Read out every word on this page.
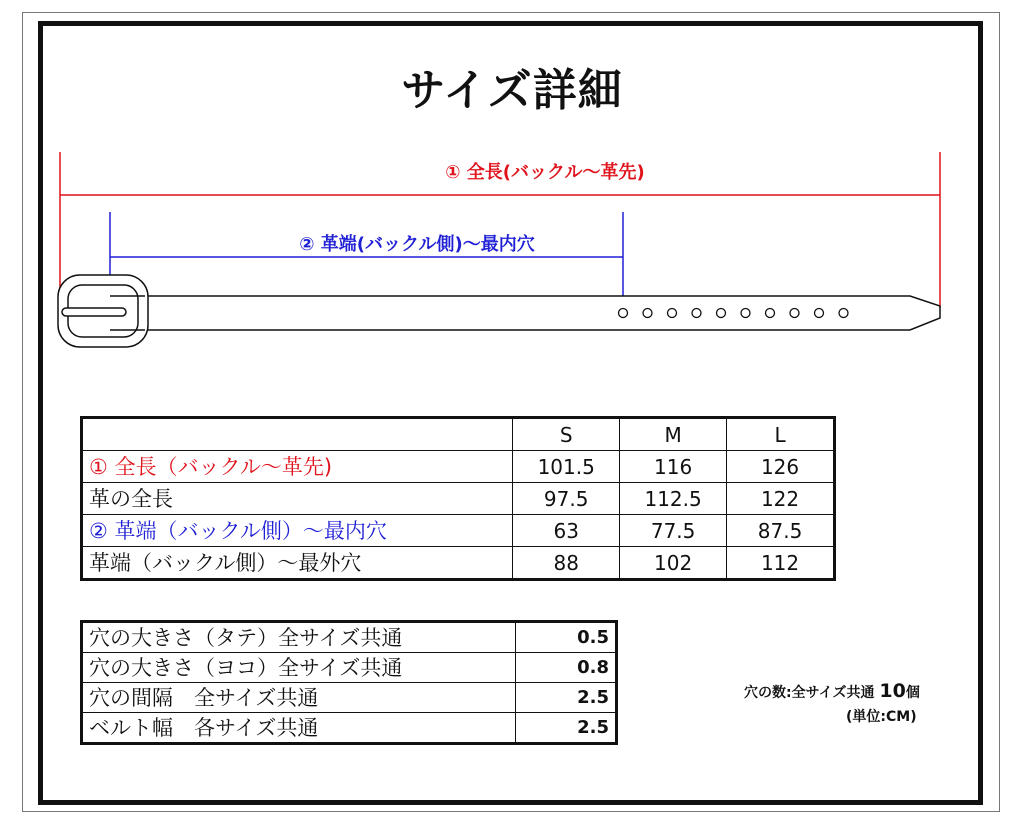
サイズ詳細
① 全長(バックル～革先)
② 革端(バックル側)～最内穴
	S	M	L
① 全長（バックル～革先)	101.5	116	126
革の全長	97.5	112.5	122
② 革端（バックル側）～最内穴	63	77.5	87.5
革端（バックル側）～最外穴	88	102	112
穴の大きさ（タテ）全サイズ共通	0.5
穴の大きさ（ヨコ）全サイズ共通	0.8
穴の間隔　全サイズ共通	2.5
ベルト幅　各サイズ共通	2.5
穴の数:全サイズ共通 10個
(単位:CM)
